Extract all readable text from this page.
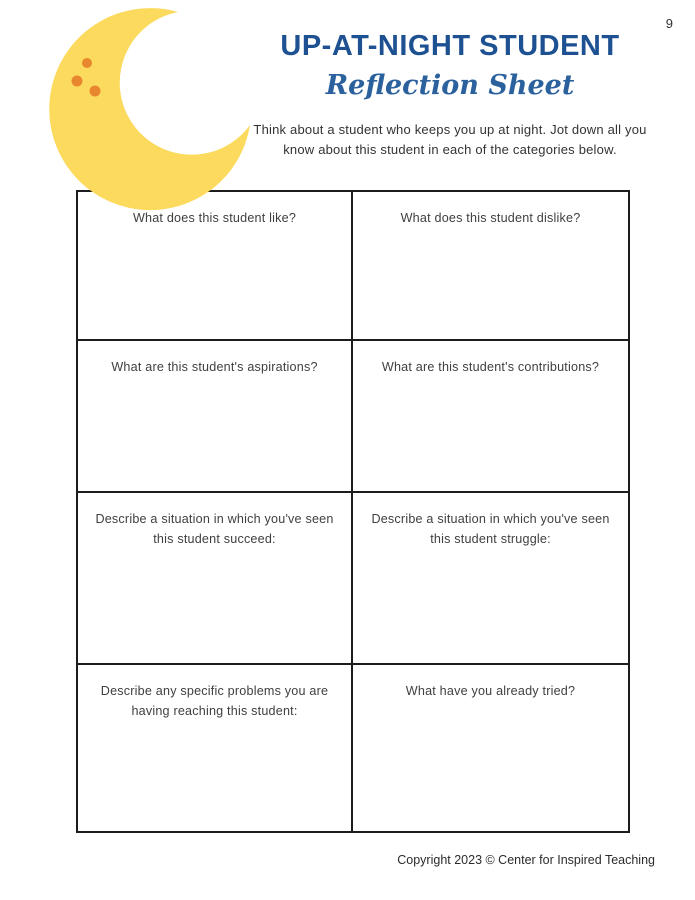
9
UP-AT-NIGHT STUDENT
Reflection Sheet

Think about a student who keeps you up at night. Jot down all you know about this student in each of the categories below.

What does this student like?	What does this student dislike?
What are this student's aspirations?	What are this student's contributions?
Describe a situation in which you've seen this student succeed:
Describe a situation in which you've seen this student struggle:
Describe any specific problems you are having reaching this student:
What have you already tried?
Copyright 2023 © Center for Inspired Teaching
